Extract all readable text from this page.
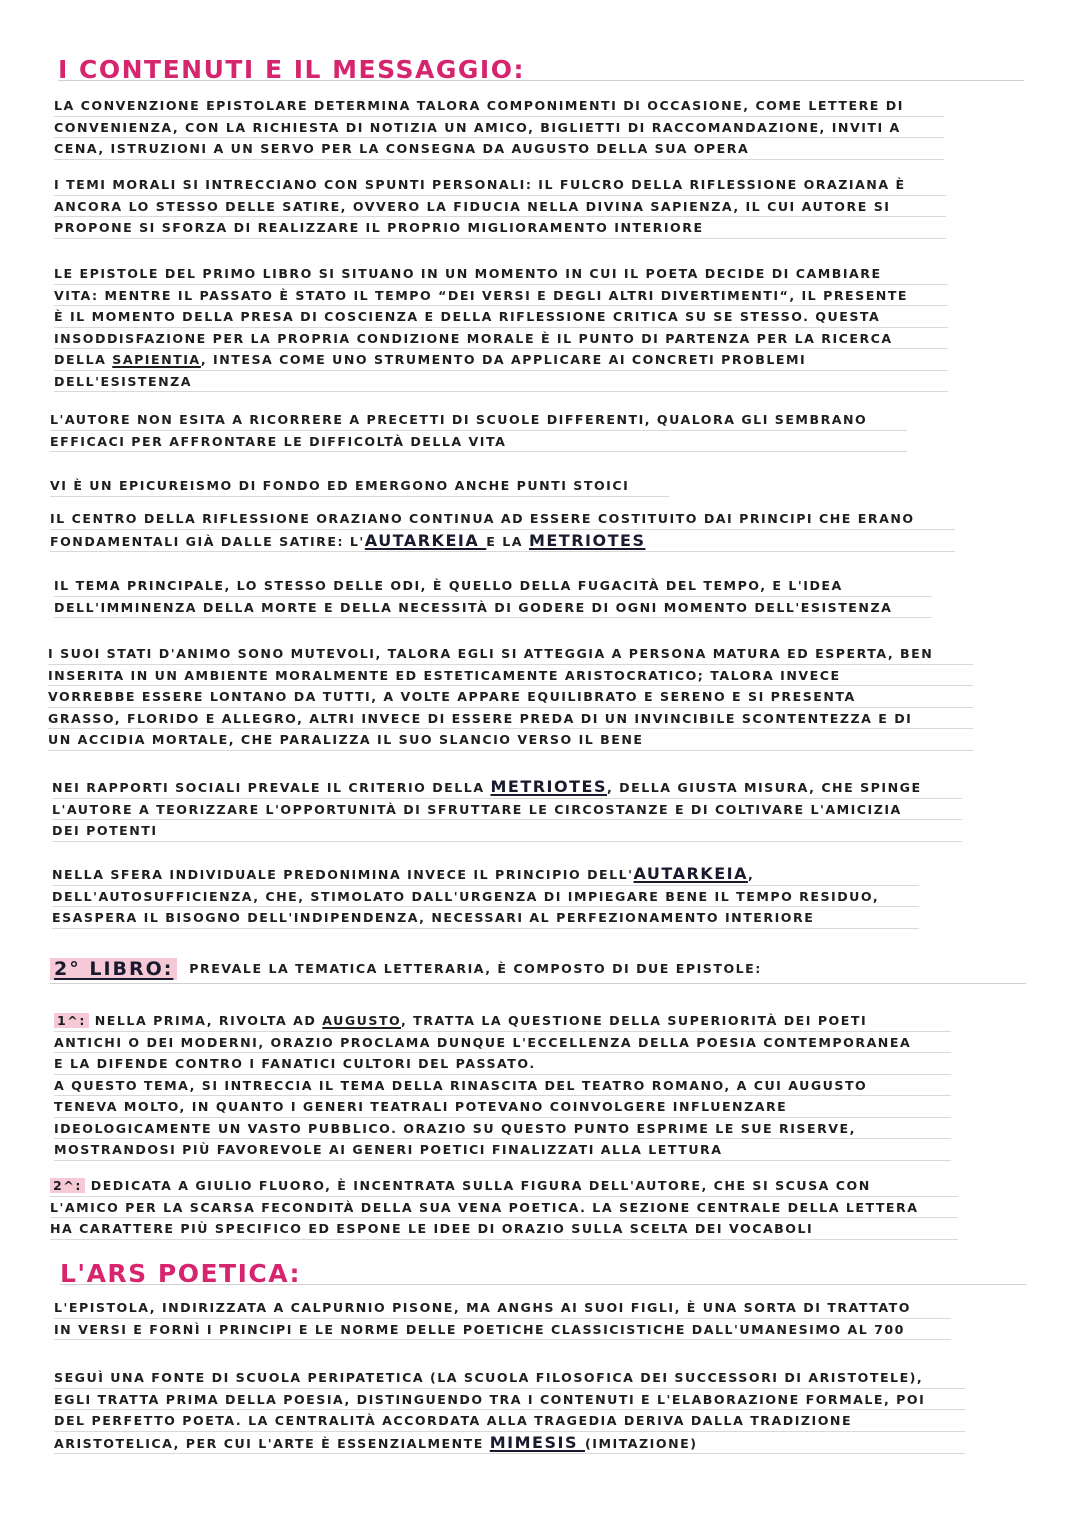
I CONTENUTI E IL MESSAGGIO:

LA CONVENZIONE EPISTOLARE DETERMINA TALORA COMPONIMENTI DI OCCASIONE, COME LETTERE DI
CONVENIENZA, CON LA RICHIESTA DI NOTIZIA UN AMICO, BIGLIETTI DI RACCOMANDAZIONE, INVITI A
CENA, ISTRUZIONI A UN SERVO PER LA CONSEGNA DA AUGUSTO DELLA SUA OPERA

I TEMI MORALI SI INTRECCIANO CON SPUNTI PERSONALI: IL FULCRO DELLA RIFLESSIONE ORAZIANA È
ANCORA LO STESSO DELLE SATIRE, OVVERO LA FIDUCIA NELLA DIVINA SAPIENZA, IL CUI AUTORE SI
PROPONE SI SFORZA DI REALIZZARE IL PROPRIO MIGLIORAMENTO INTERIORE

LE EPISTOLE DEL PRIMO LIBRO SI SITUANO IN UN MOMENTO IN CUI IL POETA DECIDE DI CAMBIARE
VITA: MENTRE IL PASSATO È STATO IL TEMPO “DEI VERSI E DEGLI ALTRI DIVERTIMENTI“, IL PRESENTE
È IL MOMENTO DELLA PRESA DI COSCIENZA E DELLA RIFLESSIONE CRITICA SU SE STESSO. QUESTA
INSODDISFAZIONE PER LA PROPRIA CONDIZIONE MORALE È IL PUNTO DI PARTENZA PER LA RICERCA
DELLA SAPIENTIA, INTESA COME UNO STRUMENTO DA APPLICARE AI CONCRETI PROBLEMI
DELL'ESISTENZA

L'AUTORE NON ESITA A RICORRERE A PRECETTI DI SCUOLE DIFFERENTI, QUALORA GLI SEMBRANO
EFFICACI PER AFFRONTARE LE DIFFICOLTÀ DELLA VITA

VI È UN EPICUREISMO DI FONDO ED EMERGONO ANCHE PUNTI STOICI

IL CENTRO DELLA RIFLESSIONE ORAZIANO CONTINUA AD ESSERE COSTITUITO DAI PRINCIPI CHE ERANO
FONDAMENTALI GIÀ DALLE SATIRE: L'AUTARKEIA E LA METRIOTES

IL TEMA PRINCIPALE, LO STESSO DELLE ODI, È QUELLO DELLA FUGACITÀ DEL TEMPO, E L'IDEA
DELL'IMMINENZA DELLA MORTE E DELLA NECESSITÀ DI GODERE DI OGNI MOMENTO DELL'ESISTENZA

I SUOI STATI D'ANIMO SONO MUTEVOLI, TALORA EGLI SI ATTEGGIA A PERSONA MATURA ED ESPERTA, BEN
INSERITA IN UN AMBIENTE MORALMENTE ED ESTETICAMENTE ARISTOCRATICO; TALORA INVECE
VORREBBE ESSERE LONTANO DA TUTTI, A VOLTE APPARE EQUILIBRATO E SERENO E SI PRESENTA
GRASSO, FLORIDO E ALLEGRO, ALTRI INVECE DI ESSERE PREDA DI UN INVINCIBILE SCONTENTEZZA E DI
UN ACCIDIA MORTALE, CHE PARALIZZA IL SUO SLANCIO VERSO IL BENE

NEI RAPPORTI SOCIALI PREVALE IL CRITERIO DELLA METRIOTES, DELLA GIUSTA MISURA, CHE SPINGE
L'AUTORE A TEORIZZARE L'OPPORTUNITÀ DI SFRUTTARE LE CIRCOSTANZE E DI COLTIVARE L'AMICIZIA
DEI POTENTI

NELLA SFERA INDIVIDUALE PREDONIMINA INVECE IL PRINCIPIO DELL'AUTARKEIA,
DELL'AUTOSUFFICIENZA, CHE, STIMOLATO DALL'URGENZA DI IMPIEGARE BENE IL TEMPO RESIDUO,
ESASPERA IL BISOGNO DELL'INDIPENDENZA, NECESSARI AL PERFEZIONAMENTO INTERIORE

2° LIBRO: PREVALE LA TEMATICA LETTERARIA, È COMPOSTO DI DUE EPISTOLE:

1^: NELLA PRIMA, RIVOLTA AD AUGUSTO, TRATTA LA QUESTIONE DELLA SUPERIORITÀ DEI POETI
ANTICHI O DEI MODERNI, ORAZIO PROCLAMA DUNQUE L'ECCELLENZA DELLA POESIA CONTEMPORANEA
E LA DIFENDE CONTRO I FANATICI CULTORI DEL PASSATO.
A QUESTO TEMA, SI INTRECCIA IL TEMA DELLA RINASCITA DEL TEATRO ROMANO, A CUI AUGUSTO
TENEVA MOLTO, IN QUANTO I GENERI TEATRALI POTEVANO COINVOLGERE INFLUENZARE
IDEOLOGICAMENTE UN VASTO PUBBLICO. ORAZIO SU QUESTO PUNTO ESPRIME LE SUE RISERVE,
MOSTRANDOSI PIÙ FAVOREVOLE AI GENERI POETICI FINALIZZATI ALLA LETTURA

2^: DEDICATA A GIULIO FLUORO, È INCENTRATA SULLA FIGURA DELL'AUTORE, CHE SI SCUSA CON
L'AMICO PER LA SCARSA FECONDITÀ DELLA SUA VENA POETICA. LA SEZIONE CENTRALE DELLA LETTERA
HA CARATTERE PIÙ SPECIFICO ED ESPONE LE IDEE DI ORAZIO SULLA SCELTA DEI VOCABOLI

L'ARS POETICA:

L'EPISTOLA, INDIRIZZATA A CALPURNIO PISONE, MA ANGHS AI SUOI FIGLI, È UNA SORTA DI TRATTATO
IN VERSI E FORNÌ I PRINCIPI E LE NORME DELLE POETICHE CLASSICISTICHE DALL'UMANESIMO AL 700

SEGUÌ UNA FONTE DI SCUOLA PERIPATETICA (LA SCUOLA FILOSOFICA DEI SUCCESSORI DI ARISTOTELE),
EGLI TRATTA PRIMA DELLA POESIA, DISTINGUENDO TRA I CONTENUTI E L'ELABORAZIONE FORMALE, POI
DEL PERFETTO POETA. LA CENTRALITÀ ACCORDATA ALLA TRAGEDIA DERIVA DALLA TRADIZIONE
ARISTOTELICA, PER CUI L'ARTE È ESSENZIALMENTE MIMESIS (IMITAZIONE)
